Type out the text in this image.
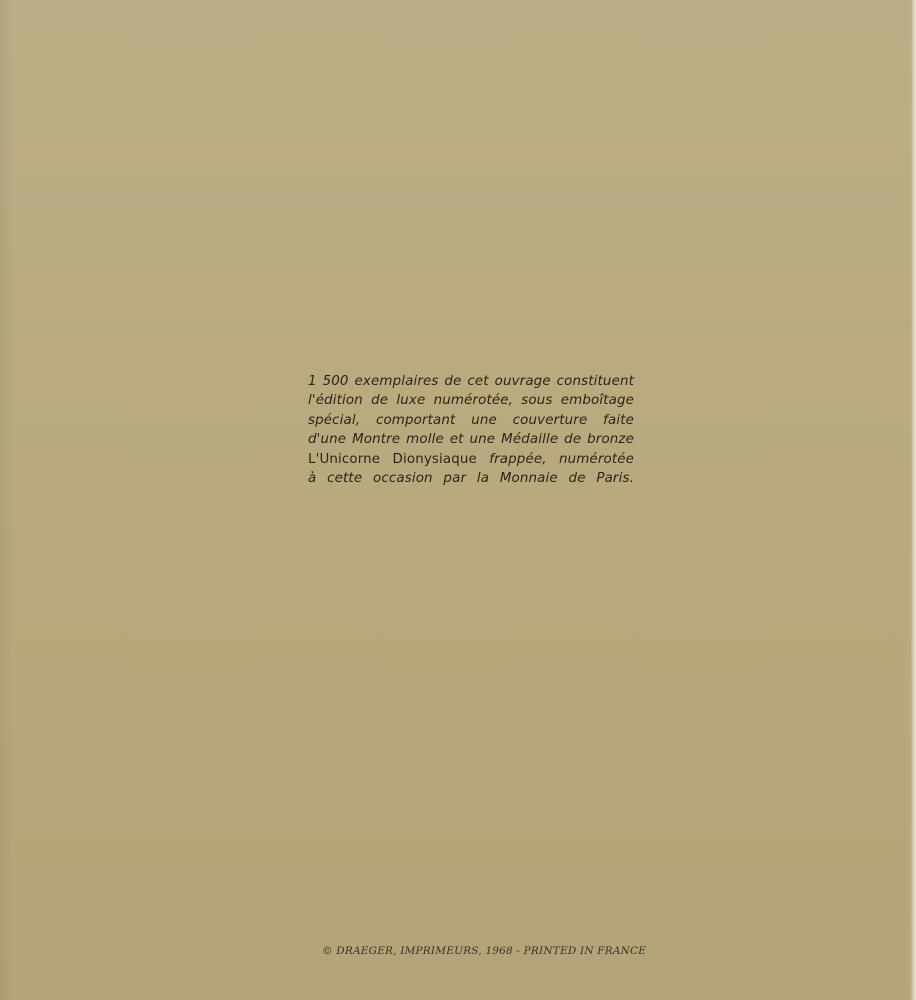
1 500 exemplaires de cet ouvrage constituent
l'édition de luxe numérotée, sous emboîtage
spécial, comportant une couverture faite
d'une Montre molle et une Médaille de bronze
L'Unicorne Dionysiaque frappée, numérotée
à cette occasion par la Monnaie de Paris.

© DRAEGER, IMPRIMEURS, 1968 - PRINTED IN FRANCE
